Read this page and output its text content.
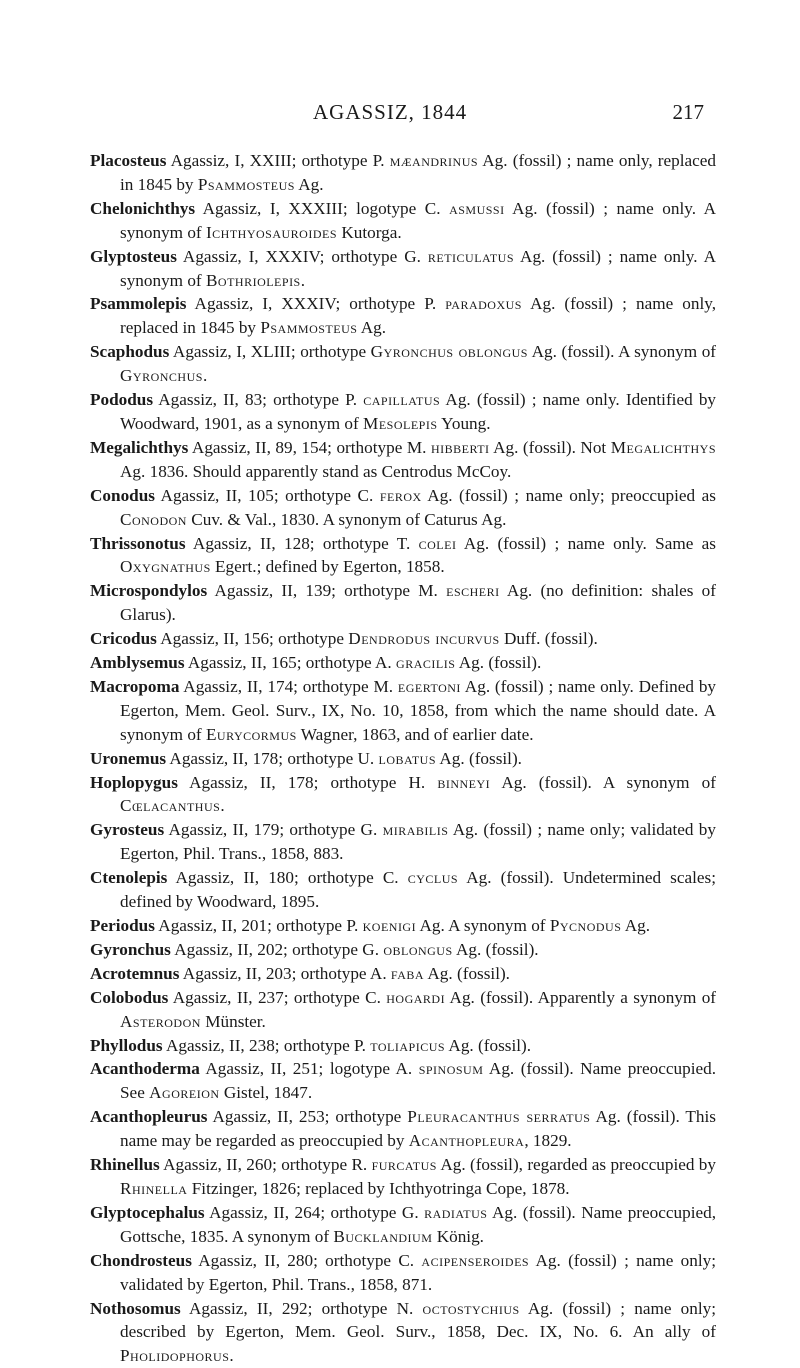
AGASSIZ, 1844	217

Placosteus Agassiz, I, XXIII; orthotype P. mæandrinus Ag. (fossil) ; name only, replaced in 1845 by Psammosteus Ag.

Chelonichthys Agassiz, I, XXXIII; logotype C. asmussi Ag. (fossil) ; name only. A synonym of Ichthyosauroides Kutorga.

Glyptosteus Agassiz, I, XXXIV; orthotype G. reticulatus Ag. (fossil) ; name only. A synonym of Bothriolepis.

Psammolepis Agassiz, I, XXXIV; orthotype P. paradoxus Ag. (fossil) ; name only, replaced in 1845 by Psammosteus Ag.

Scaphodus Agassiz, I, XLIII; orthotype Gyronchus oblongus Ag. (fossil). A synonym of Gyronchus.

Pododus Agassiz, II, 83; orthotype P. capillatus Ag. (fossil) ; name only. Identified by Woodward, 1901, as a synonym of Mesolepis Young.

Megalichthys Agassiz, II, 89, 154; orthotype M. hibberti Ag. (fossil). Not Megalichthys Ag. 1836. Should apparently stand as Centrodus McCoy.

Conodus Agassiz, II, 105; orthotype C. ferox Ag. (fossil) ; name only; preoccupied as Conodon Cuv. & Val., 1830. A synonym of Caturus Ag.

Thrissonotus Agassiz, II, 128; orthotype T. colei Ag. (fossil) ; name only. Same as Oxygnathus Egert.; defined by Egerton, 1858.

Microspondylos Agassiz, II, 139; orthotype M. escheri Ag. (no definition: shales of Glarus).

Cricodus Agassiz, II, 156; orthotype Dendrodus incurvus Duff. (fossil).

Amblysemus Agassiz, II, 165; orthotype A. gracilis Ag. (fossil).

Macropoma Agassiz, II, 174; orthotype M. egertoni Ag. (fossil) ; name only. Defined by Egerton, Mem. Geol. Surv., IX, No. 10, 1858, from which the name should date. A synonym of Eurycormus Wagner, 1863, and of earlier date.

Uronemus Agassiz, II, 178; orthotype U. lobatus Ag. (fossil).

Hoplopygus Agassiz, II, 178; orthotype H. binneyi Ag. (fossil). A synonym of Cœlacanthus.

Gyrosteus Agassiz, II, 179; orthotype G. mirabilis Ag. (fossil) ; name only; validated by Egerton, Phil. Trans., 1858, 883.

Ctenolepis Agassiz, II, 180; orthotype C. cyclus Ag. (fossil). Undetermined scales; defined by Woodward, 1895.

Periodus Agassiz, II, 201; orthotype P. koenigi Ag. A synonym of Pycnodus Ag.

Gyronchus Agassiz, II, 202; orthotype G. oblongus Ag. (fossil).

Acrotemnus Agassiz, II, 203; orthotype A. faba Ag. (fossil).

Colobodus Agassiz, II, 237; orthotype C. hogardi Ag. (fossil). Apparently a synonym of Asterodon Münster.

Phyllodus Agassiz, II, 238; orthotype P. toliapicus Ag. (fossil).

Acanthoderma Agassiz, II, 251; logotype A. spinosum Ag. (fossil). Name preoccupied. See Agoreion Gistel, 1847.

Acanthopleurus Agassiz, II, 253; orthotype Pleuracanthus serratus Ag. (fossil). This name may be regarded as preoccupied by Acanthopleura, 1829.

Rhinellus Agassiz, II, 260; orthotype R. furcatus Ag. (fossil), regarded as preoccupied by Rhinella Fitzinger, 1826; replaced by Ichthyotringa Cope, 1878.

Glyptocephalus Agassiz, II, 264; orthotype G. radiatus Ag. (fossil). Name preoccupied, Gottsche, 1835. A synonym of Bucklandium König.

Chondrosteus Agassiz, II, 280; orthotype C. acipenseroides Ag. (fossil) ; name only; validated by Egerton, Phil. Trans., 1858, 871.

Nothosomus Agassiz, II, 292; orthotype N. octostychius Ag. (fossil) ; name only; described by Egerton, Mem. Geol. Surv., 1858, Dec. IX, No. 6. An ally of Pholidophorus.
